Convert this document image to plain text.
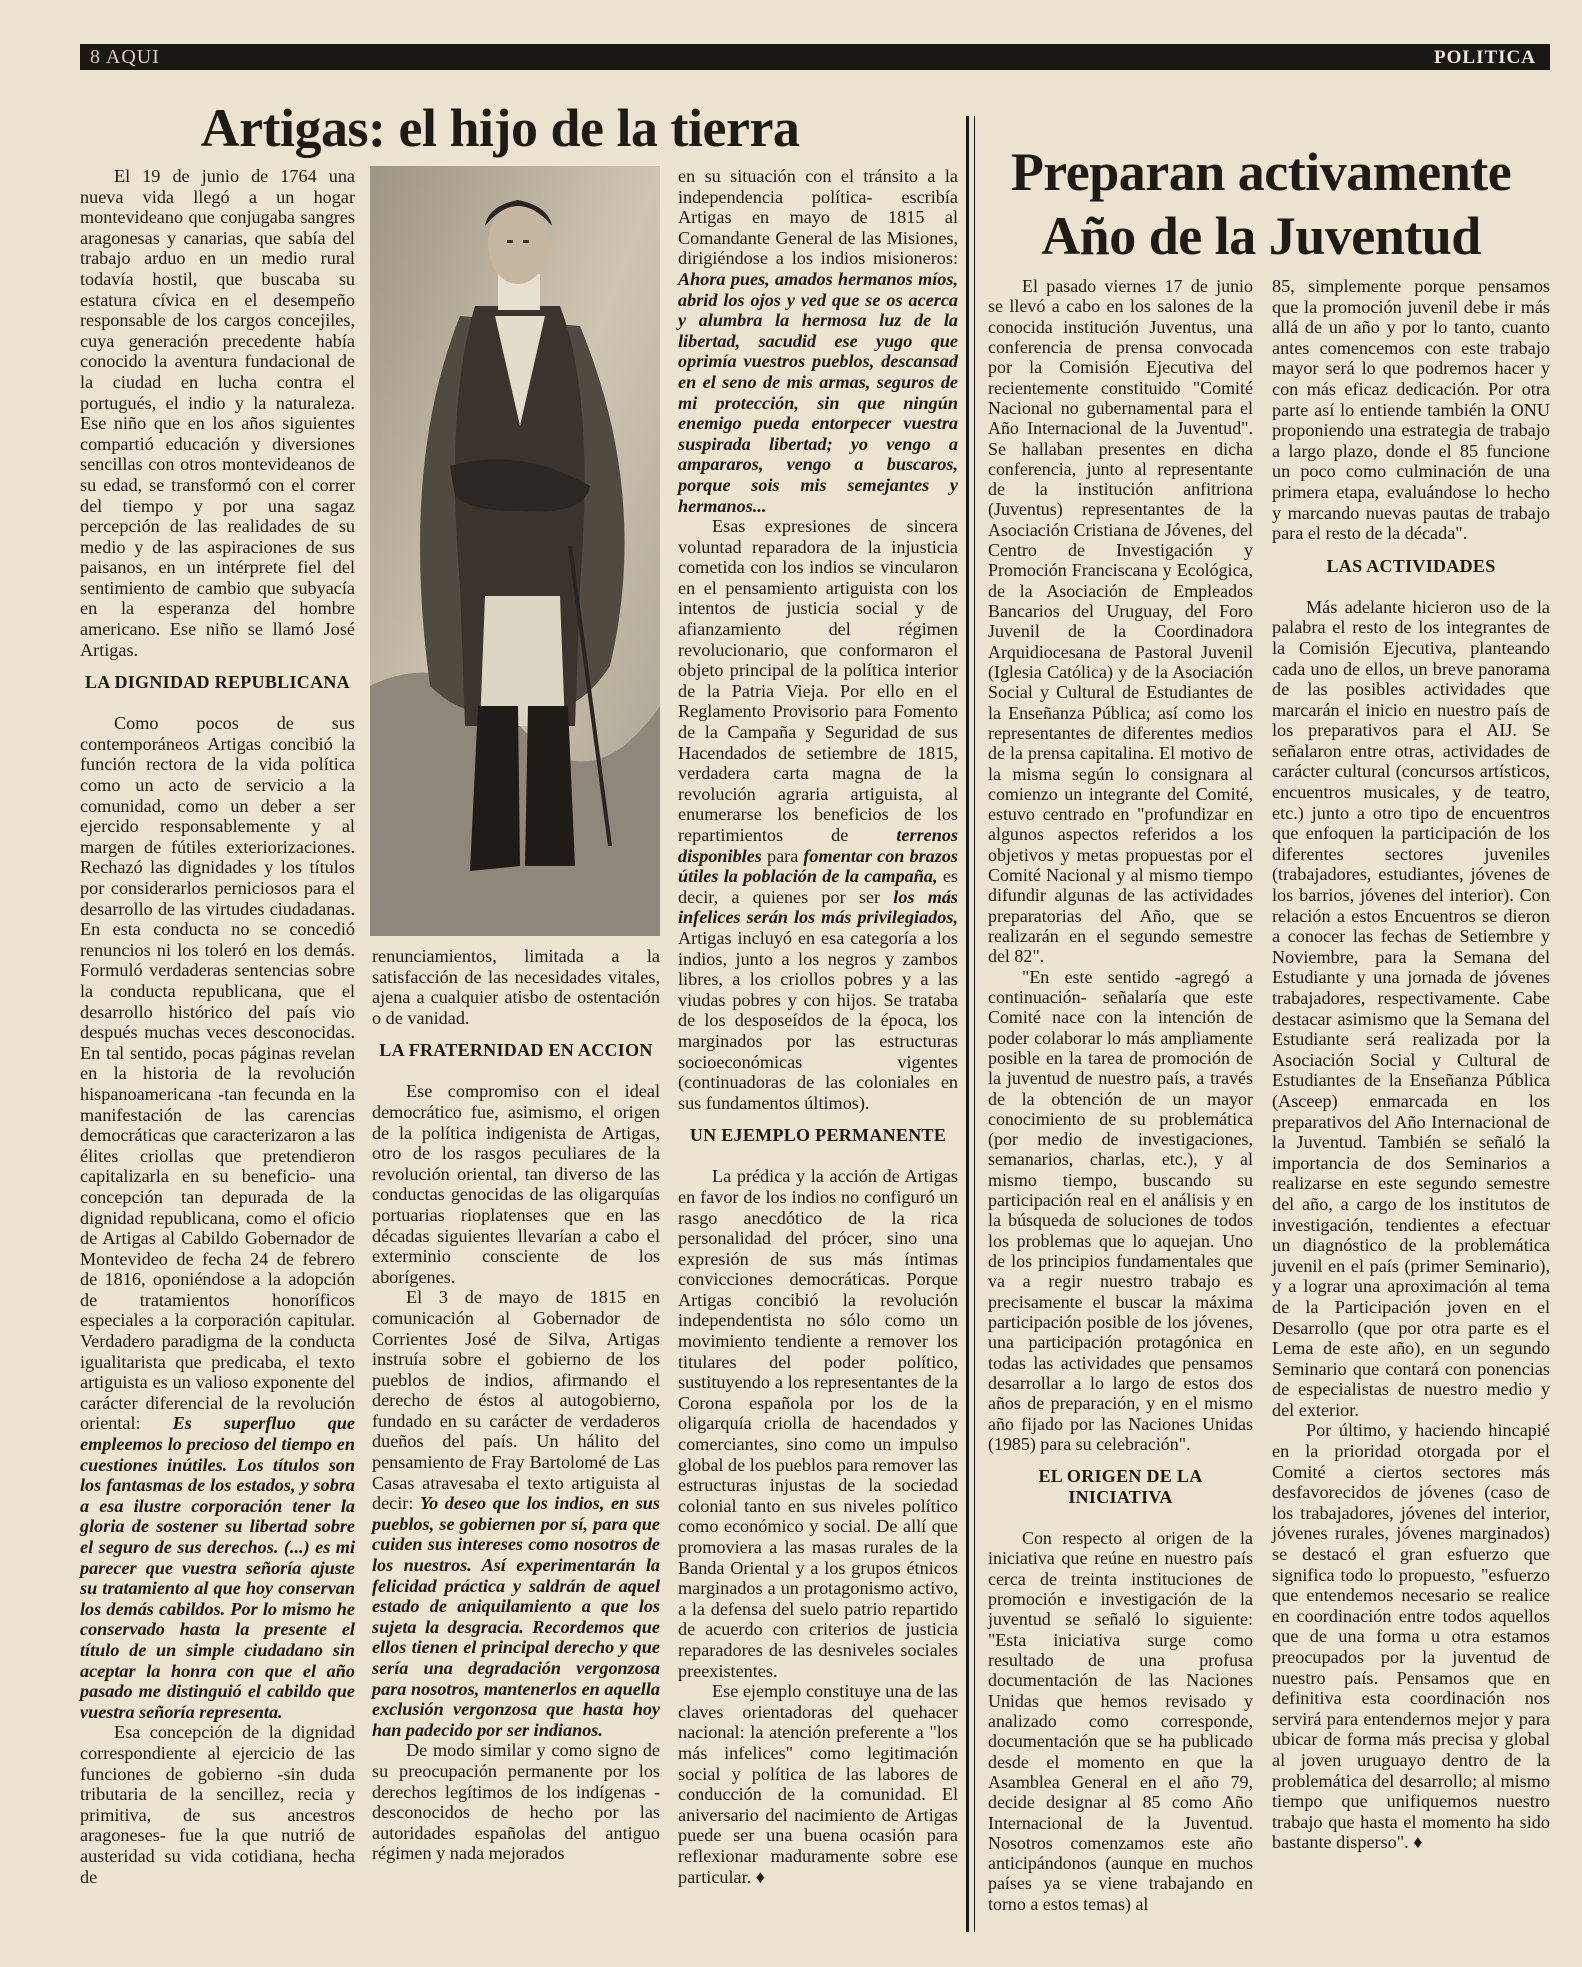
8 AQUI	POLITICA
Artigas: el hijo de la tierra

El 19 de junio de 1764 una nueva vida llegó a un hogar montevideano que conjugaba sangres aragonesas y canarias, que sabía del trabajo arduo en un medio rural todavía hostil, que buscaba su estatura cívica en el desempeño responsable de los cargos concejiles, cuya generación precedente había conocido la aventura fundacional de la ciudad en lucha contra el portugués, el indio y la naturaleza. Ese niño que en los años siguientes compartió educación y diversiones sencillas con otros montevideanos de su edad, se transformó con el correr del tiempo y por una sagaz percepción de las realidades de su medio y de las aspiraciones de sus paisanos, en un intérprete fiel del sentimiento de cambio que subyacía en la esperanza del hombre americano. Ese niño se llamó José Artigas.

LA DIGNIDAD REPUBLICANA

Como pocos de sus contemporáneos Artigas concibió la función rectora de la vida política como un acto de servicio a la comunidad, como un deber a ser ejercido responsablemente y al margen de fútiles exteriorizaciones. Rechazó las dignidades y los títulos por considerarlos perniciosos para el desarrollo de las virtudes ciudadanas. En esta conducta no se concedió renuncios ni los toleró en los demás. Formuló verdaderas sentencias sobre la conducta republicana, que el desarrollo histórico del país vio después muchas veces desconocidas. En tal sentido, pocas páginas revelan en la historia de la revolución hispanoamericana -tan fecunda en la manifestación de las carencias democráticas que caracterizaron a las élites criollas que pretendieron capitalizarla en su beneficio- una concepción tan depurada de la dignidad republicana, como el oficio de Artigas al Cabildo Gobernador de Montevideo de fecha 24 de febrero de 1816, oponiéndose a la adopción de tratamientos honoríficos especiales a la corporación capitular. Verdadero paradigma de la conducta igualitarista que predicaba, el texto artiguista es un valioso exponente del carácter diferencial de la revolución oriental: Es superfluo que empleemos lo precioso del tiempo en cuestiones inútiles. Los títulos son los fantasmas de los estados, y sobra a esa ilustre corporación tener la gloria de sostener su libertad sobre el seguro de sus derechos. (...) es mi parecer que vuestra señoría ajuste su tratamiento al que hoy conservan los demás cabildos. Por lo mismo he conservado hasta la presente el título de un simple ciudadano sin aceptar la honra con que el año pasado me distinguió el cabildo que vuestra señoría representa.

Esa concepción de la dignidad correspondiente al ejercicio de las funciones de gobierno -sin duda tributaria de la sencillez, recia y primitiva, de sus ancestros aragoneses- fue la que nutrió de austeridad su vida cotidiana, hecha de

renunciamientos, limitada a la satisfacción de las necesidades vitales, ajena a cualquier atisbo de ostentación o de vanidad.

LA FRATERNIDAD EN ACCION

Ese compromiso con el ideal democrático fue, asimismo, el origen de la política indigenista de Artigas, otro de los rasgos peculiares de la revolución oriental, tan diverso de las conductas genocidas de las oligarquías portuarias rioplatenses que en las décadas siguientes llevarían a cabo el exterminio consciente de los aborígenes.

El 3 de mayo de 1815 en comunicación al Gobernador de Corrientes José de Silva, Artigas instruía sobre el gobierno de los pueblos de indios, afirmando el derecho de éstos al autogobierno, fundado en su carácter de verdaderos dueños del país. Un hálito del pensamiento de Fray Bartolomé de Las Casas atravesaba el texto artiguista al decir: Yo deseo que los indios, en sus pueblos, se gobiernen por sí, para que cuiden sus intereses como nosotros de los nuestros. Así experimentarán la felicidad práctica y saldrán de aquel estado de aniquilamiento a que los sujeta la desgracia. Recordemos que ellos tienen el principal derecho y que sería una degradación vergonzosa para nosotros, mantenerlos en aquella exclusión vergonzosa que hasta hoy han padecido por ser indianos.

De modo similar y como signo de su preocupación permanente por los derechos legítimos de los indígenas -desconocidos de hecho por las autoridades españolas del antiguo régimen y nada mejorados

en su situación con el tránsito a la independencia política- escribía Artigas en mayo de 1815 al Comandante General de las Misiones, dirigiéndose a los indios misioneros: Ahora pues, amados hermanos míos, abrid los ojos y ved que se os acerca y alumbra la hermosa luz de la libertad, sacudid ese yugo que oprimía vuestros pueblos, descansad en el seno de mis armas, seguros de mi protección, sin que ningún enemigo pueda entorpecer vuestra suspirada libertad; yo vengo a ampararos, vengo a buscaros, porque sois mis semejantes y hermanos...

Esas expresiones de sincera voluntad reparadora de la injusticia cometida con los indios se vincularon en el pensamiento artiguista con los intentos de justicia social y de afianzamiento del régimen revolucionario, que conformaron el objeto principal de la política interior de la Patria Vieja. Por ello en el Reglamento Provisorio para Fomento de la Campaña y Seguridad de sus Hacendados de setiembre de 1815, verdadera carta magna de la revolución agraria artiguista, al enumerarse los beneficios de los repartimientos de	terrenos disponibles para fomentar con brazos útiles la población de la campaña, es decir, a quienes por ser los más infelices serán los más privilegiados, Artigas incluyó en esa categoría a los indios, junto a los negros y zambos libres, a los criollos pobres y a las viudas pobres y con hijos. Se trataba de los desposeídos de la época, los marginados por las estructuras socioeconómicas vigentes (continuadoras de las coloniales en sus fundamentos últimos).

UN EJEMPLO PERMANENTE

La prédica y la acción de Artigas en favor de los indios no configuró un rasgo anecdótico de la rica personalidad del prócer, sino una expresión de sus más íntimas convicciones democráticas. Porque Artigas concibió la revolución independentista no sólo como un movimiento tendiente a remover los titulares del poder político, sustituyendo a los representantes de la Corona española por los de la oligarquía criolla de hacendados y comerciantes, sino como un impulso global de los pueblos para remover las estructuras injustas de la sociedad colonial tanto en sus niveles político como económico y social. De allí que promoviera a las masas rurales de la Banda Oriental y a los grupos étnicos marginados a un protagonismo activo, a la defensa del suelo patrio repartido de acuerdo con criterios de justicia reparadores de las desniveles sociales preexistentes.

Ese ejemplo constituye una de las claves orientadoras del quehacer nacional: la atención preferente a "los más infelices" como legitimación social y política de las labores de conducción de la comunidad. El aniversario del nacimiento de Artigas puede ser una buena ocasión para reflexionar maduramente sobre ese particular. ♦

Preparan activamente
Año de la Juventud

El pasado viernes 17 de junio se llevó a cabo en los salones de la conocida institución Juventus, una conferencia de prensa convocada por la Comisión Ejecutiva del recientemente constituido "Comité Nacional no gubernamental para el Año Internacional de la Juventud". Se hallaban presentes en dicha conferencia, junto al representante de la institución anfitriona (Juventus) representantes de la Asociación Cristiana de Jóvenes, del Centro de Investigación y Promoción Franciscana y Ecológica, de la Asociación de Empleados Bancarios del Uruguay, del Foro Juvenil de la Coordinadora Arquidiocesana de Pastoral Juvenil (Iglesia Católica) y de la Asociación Social y Cultural de Estudiantes de la Enseñanza Pública; así como los representantes de diferentes medios de la prensa capitalina. El motivo de la misma según lo consignara al comienzo un integrante del Comité, estuvo centrado en "profundizar en algunos aspectos referidos a los objetivos y metas propuestas por el Comité Nacional y al mismo tiempo difundir algunas de las actividades preparatorias del Año, que se realizarán en el segundo semestre del 82".

"En este sentido -agregó a continuación- señalaría que este Comité nace con la intención de poder colaborar lo más ampliamente posible en la tarea de promoción de la juventud de nuestro país, a través de la obtención de un mayor conocimiento de su problemática (por medio de investigaciones, semanarios, charlas, etc.), y al mismo tiempo, buscando su participación real en el análisis y en la búsqueda de soluciones de todos los problemas que lo aquejan. Uno de los principios fundamentales que va a regir nuestro trabajo es precisamente el buscar la máxima participación posible de los jóvenes, una participación protagónica en todas las actividades que pensamos desarrollar a lo largo de estos dos años de preparación, y en el mismo año fijado por las Naciones Unidas (1985) para su celebración".

EL ORIGEN DE LA INICIATIVA

Con respecto al origen de la iniciativa que reúne en nuestro país cerca de treinta instituciones de promoción e investigación de la juventud se señaló lo siguiente: "Esta iniciativa surge como resultado de una profusa documentación de las Naciones Unidas que hemos revisado y analizado como corresponde, documentación que se ha publicado desde el momento en que la Asamblea General en el año 79, decide designar al 85 como Año Internacional de la Juventud. Nosotros comenzamos este año anticipándonos (aunque en muchos países ya se viene trabajando en torno a estos temas) al

85, simplemente porque pensamos que la promoción juvenil debe ir más allá de un año y por lo tanto, cuanto antes comencemos con este trabajo mayor será lo que podremos hacer y con más eficaz dedicación. Por otra parte así lo entiende también la ONU proponiendo una estrategia de trabajo a largo plazo, donde el 85 funcione un poco como culminación de una primera etapa, evaluándose lo hecho y marcando nuevas pautas de trabajo para el resto de la década".

LAS ACTIVIDADES

Más adelante hicieron uso de la palabra el resto de los integrantes de la Comisión Ejecutiva, planteando cada uno de ellos, un breve panorama de las posibles actividades que marcarán el inicio en nuestro país de los preparativos para el AIJ. Se señalaron entre otras, actividades de carácter cultural (concursos artísticos, encuentros musicales, y de teatro, etc.) junto a otro tipo de encuentros que enfoquen la participación de los diferentes sectores juveniles (trabajadores, estudiantes, jóvenes de los barrios, jóvenes del interior). Con relación a estos Encuentros se dieron a conocer las fechas de Setiembre y Noviembre, para la Semana del Estudiante y una jornada de jóvenes trabajadores, respectivamente. Cabe destacar asimismo que la Semana del Estudiante será realizada por la Asociación Social y Cultural de Estudiantes de la Enseñanza Pública (Asceep) enmarcada en los preparativos del Año Internacional de la Juventud. También se señaló la importancia de dos Seminarios a realizarse en este segundo semestre del año, a cargo de los institutos de investigación, tendientes a efectuar un diagnóstico de la problemática juvenil en el país (primer Seminario), y a lograr una aproximación al tema de la Participación joven en el Desarrollo (que por otra parte es el Lema de este año), en un segundo Seminario que contará con ponencias de especialistas de nuestro medio y del exterior.

Por último, y haciendo hincapié en la prioridad otorgada por el Comité a ciertos sectores más desfavorecidos de jóvenes (caso de los trabajadores, jóvenes del interior, jóvenes rurales, jóvenes marginados) se destacó el gran esfuerzo que significa todo lo propuesto, "esfuerzo que entendemos necesario se realice en coordinación entre todos aquellos que de una forma u otra estamos preocupados por la juventud de nuestro país. Pensamos que en definitiva esta coordinación nos servirá para entendernos mejor y para ubicar de forma más precisa y global al joven uruguayo dentro de la problemática del desarrollo; al mismo tiempo que unifiquemos nuestro trabajo que hasta el momento ha sido bastante disperso". ♦
